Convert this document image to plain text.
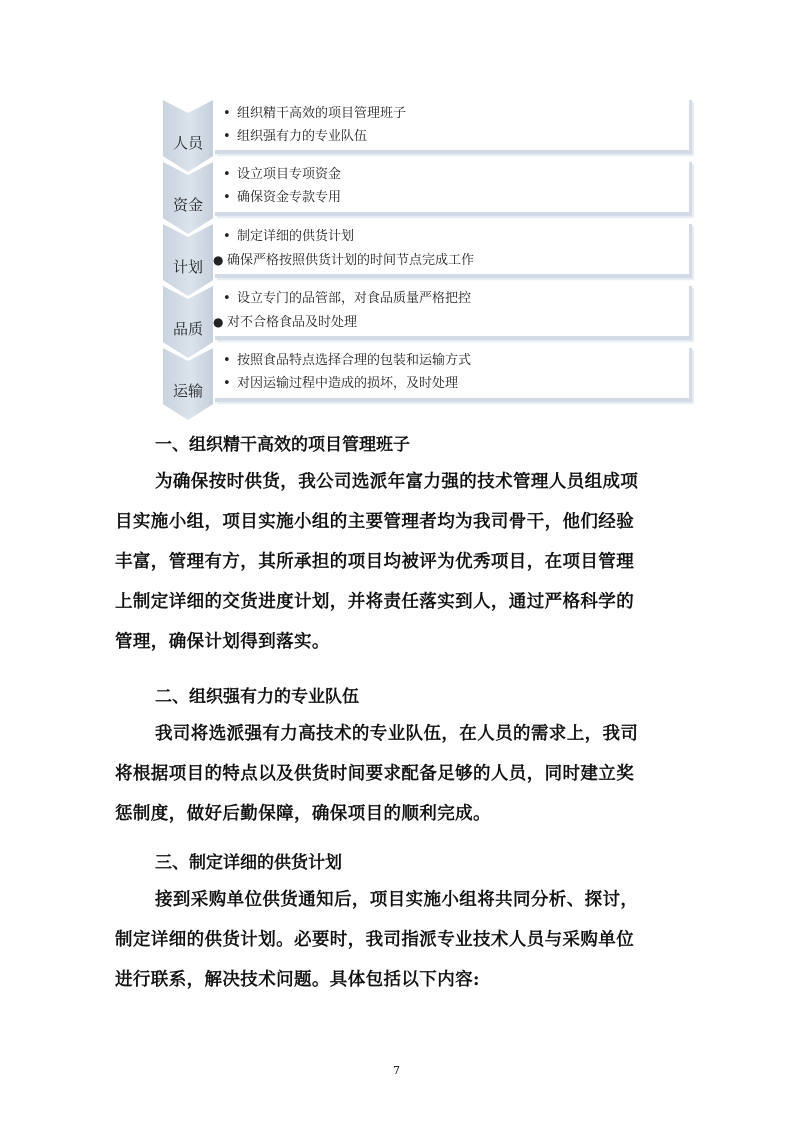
人员
• 组织精干高效的项目管理班子
• 组织强有力的专业队伍
资金
• 设立项目专项资金
• 确保资金专款专用
计划
• 制定详细的供货计划
● 确保严格按照供货计划的时间节点完成工作
品质
• 设立专门的品管部，对食品质量严格把控
● 对不合格食品及时处理
运输
• 按照食品特点选择合理的包装和运输方式
• 对因运输过程中造成的损坏，及时处理
一、组织精干高效的项目管理班子
为确保按时供货，我公司选派年富力强的技术管理人员组成项
目实施小组，项目实施小组的主要管理者均为我司骨干，他们经验
丰富，管理有方，其所承担的项目均被评为优秀项目，在项目管理
上制定详细的交货进度计划，并将责任落实到人，通过严格科学的
管理，确保计划得到落实。
二、组织强有力的专业队伍
我司将选派强有力高技术的专业队伍，在人员的需求上，我司
将根据项目的特点以及供货时间要求配备足够的人员，同时建立奖
惩制度，做好后勤保障，确保项目的顺利完成。
三、制定详细的供货计划
接到采购单位供货通知后，项目实施小组将共同分析、探讨，
制定详细的供货计划。必要时，我司指派专业技术人员与采购单位
进行联系，解决技术问题。具体包括以下内容:
7
